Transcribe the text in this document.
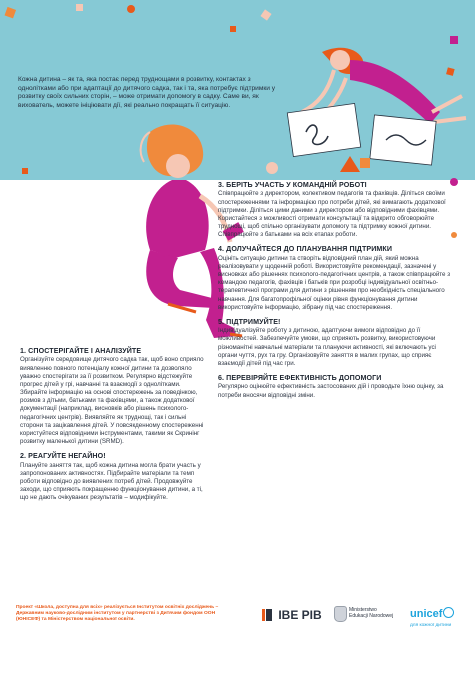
Кожна дитина – як та, яка постає перед труднощами в розвитку, контактах з однолітками або при адаптації до дитячого садка, так і та, яка потребує підтримки у розвитку своїх сильних сторін, – може отримати допомогу в садку. Саме ви, як вихователь, можете ініціювати дії, які реально покращать її ситуацію.
1. СПОСТЕРІГАЙТЕ І АНАЛІЗУЙТЕ

Організуйте середовище дитячого садка так, щоб воно сприяло виявленню повного потенціалу кожної дитини та дозволяло уважно спостерігати за її розвитком. Регулярно відстежуйте прогрес дітей у грі, навчанні та взаємодії з однолітками. Збирайте інформацію на основі спостережень за поведінкою, розмов з дітьми, батьками та фахівцями, а також додаткової документації (наприклад, висновків або рішень психолого-педагогічних центрів). Виявляйте як труднощі, так і сильні сторони та зацікавлення дітей. У повсякденному спостереженні користуйтеся відповідними інструментами, такими як Скринінг розвитку маленької дитини (SRMD).

2. РЕАГУЙТЕ НЕГАЙНО!

Плануйте заняття так, щоб кожна дитина могла брати участь у запропонованих активностях. Підбирайте матеріали та темп роботи відповідно до виявлених потреб дітей. Продовжуйте заходи, що сприяють покращенню функціонування дитини, а ті, що не дають очікуваних результатів – модифікуйте.

3. БЕРІТЬ УЧАСТЬ У КОМАНДНІЙ РОБОТІ

Співпрацюйте з директором, колективом педагогів та фахівців. Діліться своїми спостереженнями та інформацією про потреби дітей, які вимагають додаткової підтримки. Діліться цими даними з директором або відповідними фахівцями. Користайтеся з можливості отримати консультації та відкрито обговорюйте труднощі, щоб спільно організувати допомогу та підтримку кожної дитини. Співпрацюйте з батьками на всіх етапах роботи.

4. ДОЛУЧАЙТЕСЯ ДО ПЛАНУВАННЯ ПІДТРИМКИ

Оцініть ситуацію дитини та створіть відповідний план дій, який можна реалізовувати у щоденній роботі. Використовуйте рекомендації, зазначені у висновках або рішеннях психолого-педагогічних центрів, а також співпрацюйте з командою педагогів, фахівців і батьків при розробці індивідуальної освітньо-терапевтичної програми для дитини з рішенням про необхідність спеціального навчання. Для багатопрофільної оцінки рівня функціонування дитини використовуйте інформацію, зібрану під час спостереження.

5. ПІДТРИМУЙТЕ!

Індивідуалізуйте роботу з дитиною, адаптуючи вимоги відповідно до її можливостей. Забезпечуйте умови, що сприяють розвитку, використовуючи різноманітні навчальні матеріали та плануючи активності, які включають усі органи чуття, рух та гру. Організовуйте заняття в малих групах, що сприяє взаємодії дітей під час гри.

6. ПЕРЕВІРЯЙТЕ ЕФЕКТИВНІСТЬ ДОПОМОГИ

Регулярно оцінюйте ефективність застосованих дій і проводьте їхню оцінку, за потреби вносячи відповідні зміни.

Проект «Школа, доступна для всіх» реалізується Інститутом освітніх досліджень – Державним науково-дослідним інститутом у партнерстві з Дитячим фондом ООН (ЮНІСЕФ) та Міністерством національної освіти.	IBE PIB	Ministerstwo Edukacji Narodowej unicef
для кожної дитини
